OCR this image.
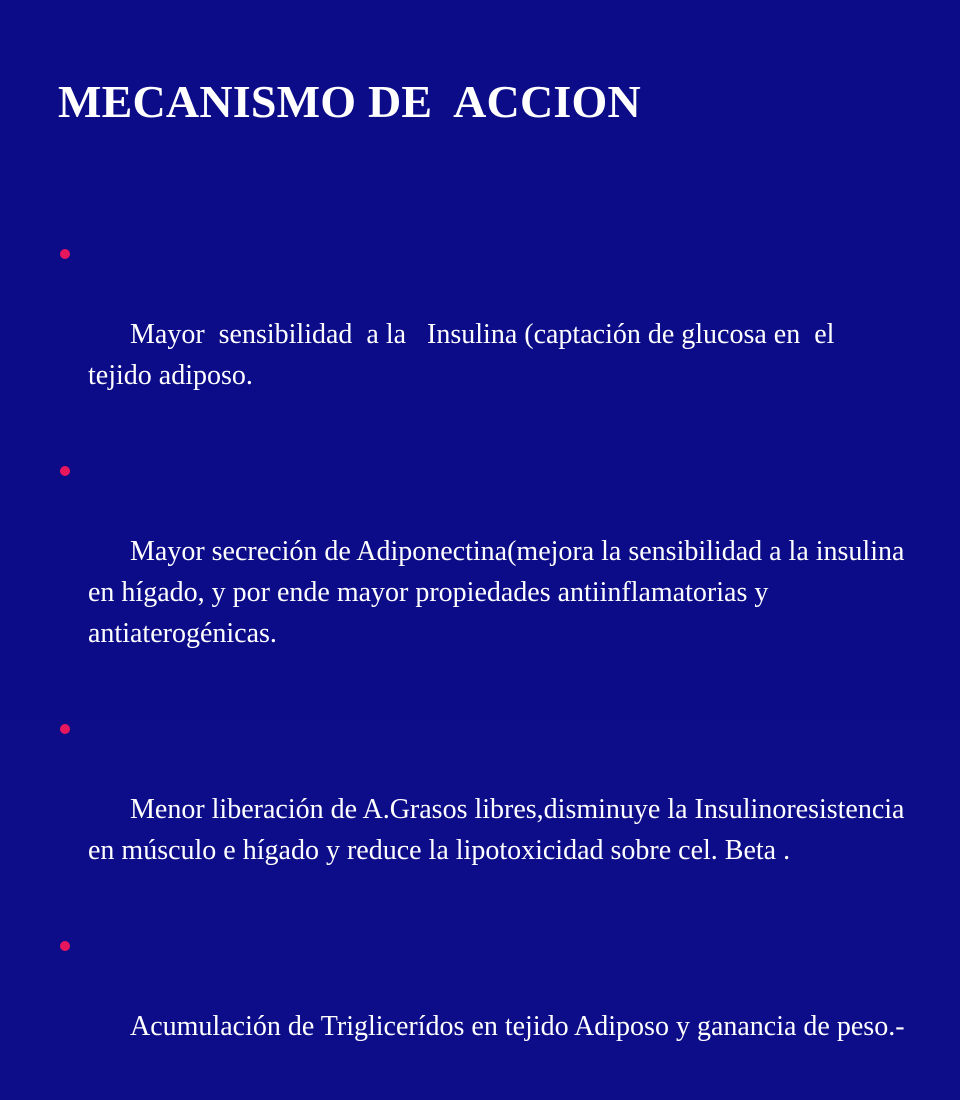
MECANISMO DE  ACCION

Mayor  sensibilidad  a la   Insulina (captación de glucosa en  el  tejido adiposo.

Mayor secreción de Adiponectina(mejora la sensibilidad a la insulina en hígado, y por ende mayor propiedades antiinflamatorias y antiaterogénicas.

Menor liberación de A.Grasos libres,disminuye la Insulinoresistencia en músculo e hígado y reduce la lipotoxicidad sobre cel. Beta .

Acumulación de Triglicerídos en tejido Adiposo y ganancia de peso.-
